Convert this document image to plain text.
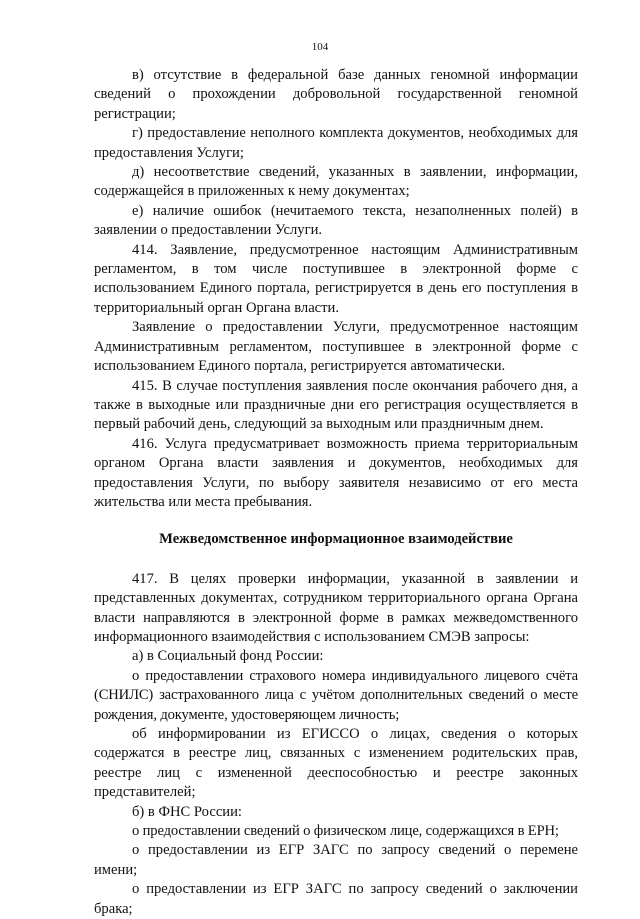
104

в) отсутствие в федеральной базе данных геномной информации сведений о прохождении добровольной государственной геномной регистрации;

г) предоставление неполного комплекта документов, необходимых для предоставления Услуги;

д) несоответствие сведений, указанных в заявлении, информации, содержащейся в приложенных к нему документах;

е) наличие ошибок (нечитаемого текста, незаполненных полей) в заявлении о предоставлении Услуги.

414. Заявление, предусмотренное настоящим Административным регламентом, в том числе поступившее в электронной форме с использованием Единого портала, регистрируется в день его поступления в территориальный орган Органа власти.

Заявление о предоставлении Услуги, предусмотренное настоящим Административным регламентом, поступившее в электронной форме с использованием Единого портала, регистрируется автоматически.

415. В случае поступления заявления после окончания рабочего дня, а также в выходные или праздничные дни его регистрация осуществляется в первый рабочий день, следующий за выходным или праздничным днем.

416. Услуга предусматривает возможность приема территориальным органом Органа власти заявления и документов, необходимых для предоставления Услуги, по выбору заявителя независимо от его места жительства или места пребывания.

Межведомственное информационное взаимодействие

417. В целях проверки информации, указанной в заявлении и представленных документах, сотрудником территориального органа Органа власти направляются в электронной форме в рамках межведомственного информационного взаимодействия с использованием СМЭВ запросы:

а) в Социальный фонд России:

о предоставлении страхового номера индивидуального лицевого счёта (СНИЛС) застрахованного лица с учётом дополнительных сведений о месте рождения, документе, удостоверяющем личность;

об информировании из ЕГИССО о лицах, сведения о которых содержатся в реестре лиц, связанных с изменением родительских прав, реестре лиц с измененной дееспособностью и реестре законных представителей;

б) в ФНС России:

о предоставлении сведений о физическом лице, содержащихся в ЕРН;

о предоставлении из ЕГР ЗАГС по запросу сведений о перемене имени;

о предоставлении из ЕГР ЗАГС по запросу сведений о заключении брака;
